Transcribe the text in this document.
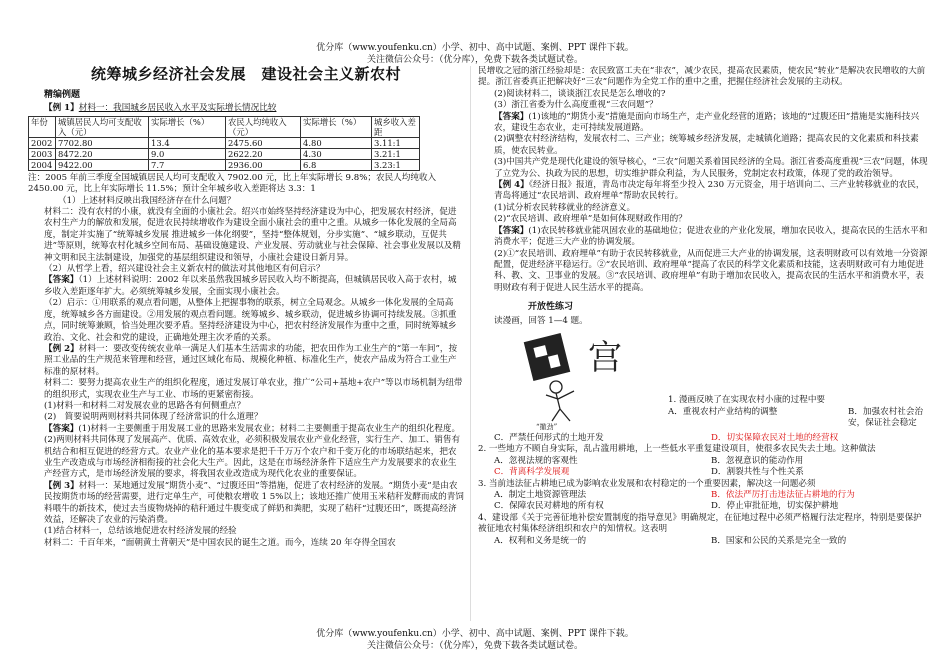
优分库（www.youfenku.cn）小学、初中、高中试题、案例、PPT 课件下载。
关注微信公众号：（优分库），免费下载各类试题试卷。
统筹城乡经济社会发展　建设社会主义新农村
精编例题

【例 1】材料一：我国城乡居民收入水平及实际增长情况比较

年份	城镇居民人均可支配收入（元）	实际增长（%）	农民人均纯收入（元）	实际增长（%）	城乡收入差距
2002	7702.80	13.4	2475.60	4.80	3.11:1
2003	8472.20	9.0	2622.20	4.30	3.21:1
2004	9422.00	7.7	2936.00	6.8	3.23:1

注：2005 年前三季度全国城镇居民人均可支配收入 7902.00 元，比上年实际增长 9.8%；农民人均纯收入 2450.00 元，比上年实际增长 11.5%；预计全年城乡收入差距将达 3.3：1

（1）上述材料反映出我国经济存在什么问题？

材料二：没有农村的小康，就没有全面的小康社会。绍兴市始终坚持经济建设为中心，把发展农村经济，促进农村生产力的解放和发展，促进农民持续增收作为建设全面小康社会的重中之重。从城乡一体化发展的全局高度，制定并实施了“统筹城乡发展 推进城乡一体化纲要”，坚持“整体规划，分步实施”、“城乡联动，互促共进”等原则，统筹农村化城乡空间布局、基础设施建设、产业发展、劳动就业与社会保障、社会事业发展以及精神文明和民主法制建设，加强党的基层组织建设和领导，小康社会建设日新月异。

（2）从哲学上看，绍兴建设社会主义新农村的做法对其他地区有何启示？

【答案】（1）上述材料说明：2002 年以来虽然我国城乡居民收入均不断提高，但城镇居民收入高于农村，城乡收入差距逐年扩大。必须统筹城乡发展，全面实现小康社会。

（2）启示：①用联系的观点看问题，从整体上把握事物的联系，树立全局观念。从城乡一体化发展的全局高度，统筹城乡各方面建设。②用发展的观点看问题。统筹城乡、城乡联动，促进城乡协调可持续发展。③抓重点，同时统筹兼顾，恰当处理次要矛盾。坚持经济建设为中心，把农村经济发展作为重中之重，同时统筹城乡政治、文化、社会和党的建设，正确地处理主次矛盾的关系。

【例 2】材料一：要改变传统农业单一满足人们基本生活需求的功能，把农田作为工业生产的“第一车间”，按照工业品的生产规范来管理和经营，通过区域化布局、规模化种植、标准化生产，使农产品成为符合工业生产标准的原材料。

材料二：要努力提高农业生产的组织化程度，通过发展订单农业，推广“公司+基地+农户”等以市场机制为纽带的组织形式，实现农业生产与工业、市场的更紧密衔接。

(1)材料一和材料二对发展农业的思路各有何侧重点？

(2)　简要说明两则材料共同体现了经济常识的什么道理？

【答案】(1)材料一主要侧重于用发展工业的思路来发展农业；材料二主要侧重于提高农业生产的组织化程度。

(2)两则材料共同体现了发展高产、优质、高效农业，必须积极发展农业产业化经营，实行生产、加工、销售有机结合和相互促进的经营方式。农业产业化的基本要求是把千千万万个农户和千变万化的市场联结起来，把农业生产改造成与市场经济相衔接的社会化大生产。因此，这是在市场经济条件下适应生产力发展要求的农业生产经营方式，是市场经济发展的要求，将我国农业改造成为现代化农业的重要保证。

【例 3】材料一：某地通过发展“期货小麦”、“过腹还田”等措施，促进了农村经济的发展。“期货小麦”是由农民按期货市场的经营需要，进行定单生产，可使粮农增收 1 5%以上；该地还推广使用玉米秸秆发酵而成的青饲料喂牛的新技术，使过去当废物烧掉的秸秆通过牛腹变成了鲜奶和粪肥，实现了秸秆“过腹还田”，既提高经济效益，还解决了农业的污染消费。

(1)结合材料一，总结该地促进农村经济发展的经验

材料二：千百年来，“面朝黄土背朝天”是中国农民的诞生之道。而今，连续 20 年夺得全国农

民增收之冠的浙江经验却是：农民致富工夫在“非农”，减少农民，提高农民素质，使农民“转业”是解决农民增收的大前提。浙江省委真正把解决好“三农”问题作为全党工作的重中之重，把握住经济社会发展的主动权。

(2)阅读材料二，谈谈浙江农民是怎么增收的?

(3）浙江省委为什么高度重视“三农问题”？

【答案】(1)该地的“期货小麦”措施是面向市场生产，走产业化经营的道路；该地的“过腹还田”措施是实施科技兴农，建设生态农业，走可持续发展道路。

(2)调整农村经济结构，发展农村二、三产业；统筹城乡经济发展，走城镇化道路；提高农民的文化素质和科技素质，使农民转业。

(3)中国共产党是现代化建设的领导核心，“三农”问题关系着国民经济的全局。浙江省委高度重视“三农”问题，体现了立党为公、执政为民的思想，切实维护群众利益，为人民服务，党制定农村政策，体现了党的政治领导。

【例 4】《经济日报》报道，青岛市决定每年将至少投入 230 万元资金，用于培训向二、三产业转移就业的农民，青岛将通过“农民培训、政府埋单”帮助农民转行。

(1)试分析农民转移就业的经济意义。

(2)“农民培训、政府埋单”是如何体现财政作用的？

【答案】(1)农民转移就业能巩固农业的基础地位；促进农业的产业化发展，增加农民收入，提高农民的生活水平和消费水平；促进三大产业的协调发展。

(2)①“农民培训、政府埋单”有助于农民转移就业，从而促进三大产业的协调发展，这表明财政可以有效地一分资源配置，促进经济平稳运行。②“农民培训、政府埋单”提高了农民的科学文化素质和技能，这表明财政可有力地促进科、教、文、卫事业的发展。③“农民培训、政府埋单”有助于增加农民收入，提高农民的生活水平和消费水平，表明财政有利于促进人民生活水平的提高。

开放性练习

读漫画，回答 1—4 题。

宫
“撤劲”

1. 漫画反映了在实现农村小康的过程中要

A．重视农村产业结构的调整	B．加强农村社会治安，保证社会稳定

C．严禁任何形式的土地开发	D．切实保障农民对土地的经营权

2. 一些地方不顾自身实际，乱占滥用耕地，上一些低水平重复建设项目，使很多农民失去土地。这种做法

A．忽视法规的客观性	B．忽视意识的能动作用

C．背离科学发展观	D．割裂共性与个性关系

3. 当前违法征占耕地已成为影响农业发展和农村稳定的一个重要因素，解决这一问题必须

A．制定土地资源管理法	B．依法严厉打击违法征占耕地的行为

C．保障农民对耕地的所有权	D．停止审批征地，切实保护耕地

4、建设部《关于完善征地补偿安置制度的指导意见》明确规定，在征地过程中必须严格履行法定程序，特别是要保护被征地农村集体经济组织和农户的知情权。这表明

A．权利和义务是统一的	B．国家和公民的关系是完全一致的

优分库（www.youfenku.cn）小学、初中、高中试题、案例、PPT 课件下载。
关注微信公众号：（优分库），免费下载各类试题试卷。
